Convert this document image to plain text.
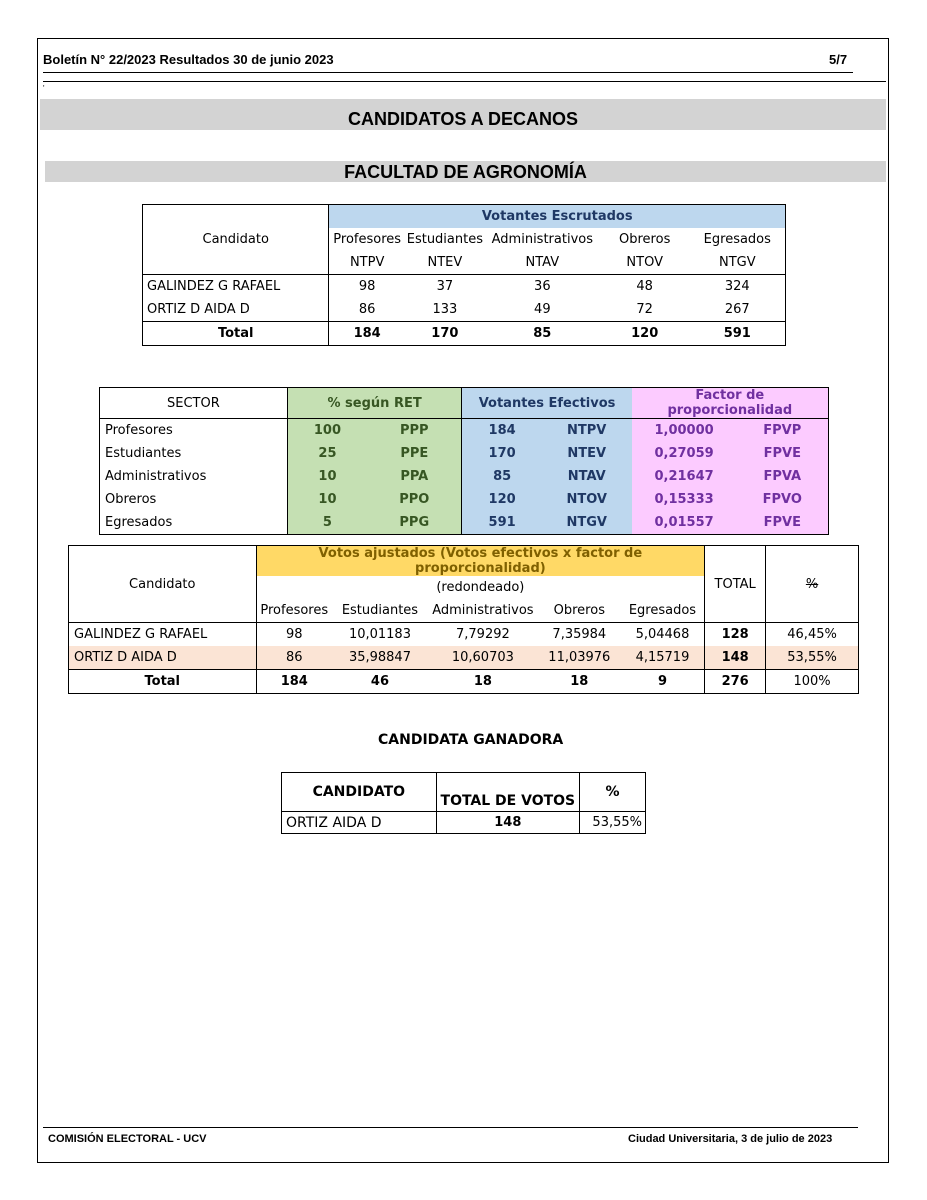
Boletín N° 22/2023 Resultados 30 de junio 2023	5/7
'
CANDIDATOS A DECANOS
FACULTAD DE AGRONOMÍA
Candidato	Votantes Escrutados				
	Profesores	Estudiantes	Administrativos	Obreros	Egresados
	NTPV	NTEV	NTAV	NTOV	NTGV
GALINDEZ G RAFAEL	98	37	36	48	324
ORTIZ D AIDA D	86	133	49	72	267
Total	184	170	85	120	591
SECTOR	% según RET		Votantes Efectivos		Factor de proporcionalidad	
Profesores	100	PPP	184	NTPV	1,00000	FPVP
Estudiantes	25	PPE	170	NTEV	0,27059	FPVE
Administrativos	10	PPA	85	NTAV	0,21647	FPVA
Obreros	10	PPO	120	NTOV	0,15333	FPVO
Egresados	5	PPG	591	NTGV	0,01557	FPVE
Candidato	Votos ajustados (Votos efectivos x factor de proporcionalidad)					TOTAL	%
	(redondeado)						
	Profesores	Estudiantes	Administrativos	Obreros	Egresados		
GALINDEZ G RAFAEL	98	10,01183	7,79292	7,35984	5,04468	128	46,45%
ORTIZ D AIDA D	86	35,98847	10,60703	11,03976	4,15719	148	53,55%
Total	184	46	18	18	9	276	100%
CANDIDATA GANADORA
CANDIDATO	TOTAL DE VOTOS	%
ORTIZ AIDA D	148	53,55%
COMISIÓN ELECTORAL - UCV	Ciudad Universitaria, 3 de julio de 2023
